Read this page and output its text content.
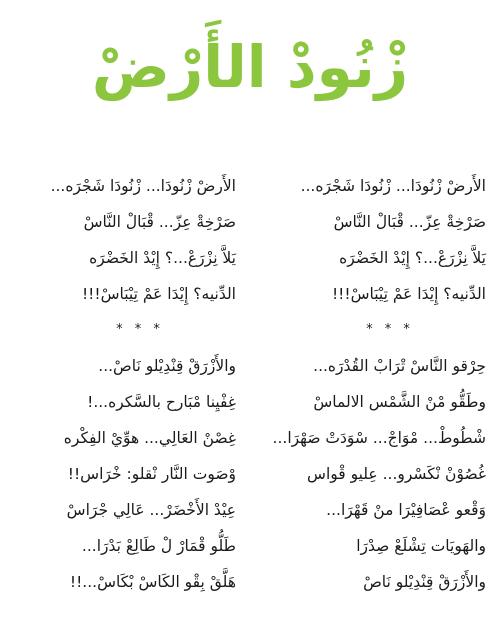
زْنُودْ الأَرْضْ
الأَرضْ زْنُودَا... زْنُودَا شَجْرَه...
صَرْخِةْ عِزّ... قْبَالْ النَّاسْ
يَلاَّ نِزْرَعْ...؟ إِيْدْ الخَضْرَه
الدِّنيه؟ إِيْدَا عَمْ تِيْبَاسْ!!!
* * *
حِرْقو النَّاسْ تْرَابْ القُدْرَه...
وطَقُّو مْنْ الشَّمْس الالماسْ
شْطُوطْ... مْوَاجْ... سْوَدَتْ صَهْرَا...
غُصُوْنْ نْكَسْرو... عِليو قْواس
وَقْعو عْصَافِيْرَا منْ قَهْرَا...
والهَويَات تِشْلَعْ صِدْرَا
والأَزْرَقْ قِنْدِيْلو نَاصْ
الأَرضْ زْنُودَا... زْنُودَا شَجْرَه...
صَرْخِةْ عِزّ... قْبَالْ النَّاسْ
يَلاَّ نِزْرَعْ...؟ إِيْدْ الخَضْرَه
الدِّنيه؟ إِيْدَا عَمْ تِيْبَاسْ!!!
* * *
والأَزْرَقْ قِنْدِيْلو نَاصْ...
غِفْيِنا مْبَارح بالسَّكره...!
غِصْنْ العَالِي... هوِّيْ الفِكْره
وْصَوت النَّار نْقلو: خْرَاس!!
عِيْدْ الأَخْضَرْ... عَالِي جْرَاسْ
طَلُّو قْمَارْ لْ طَالِعْ بَدْرَا...
هَلَّقْ بِقْو الكَاسْ بْكَاسْ...!!
